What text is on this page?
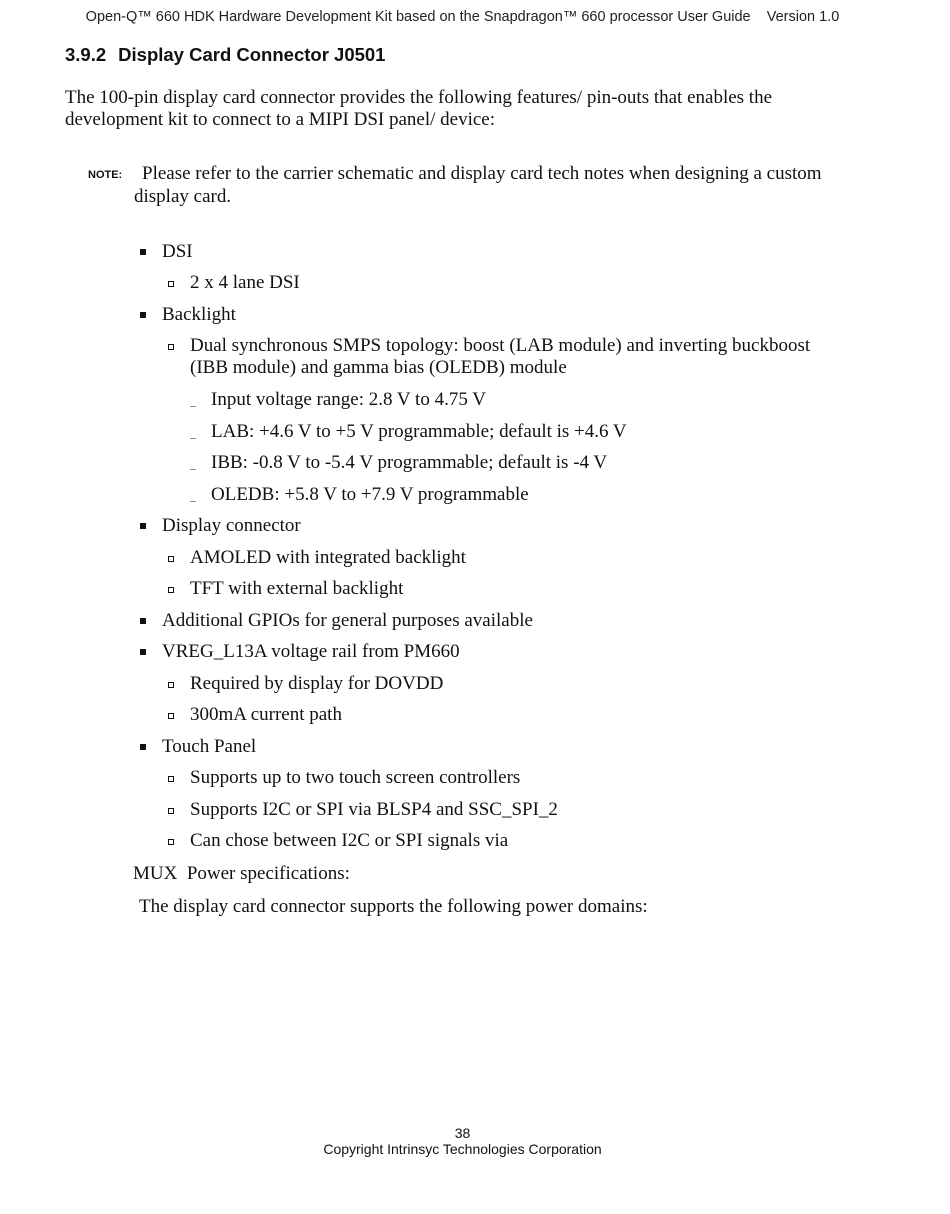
Open-Q™ 660 HDK Hardware Development Kit based on the Snapdragon™ 660 processor User Guide Version 1.0
3.9.2 Display Card Connector J0501
The 100-pin display card connector provides the following features/ pin-outs that enables the
development kit to connect to a MIPI DSI panel/ device:
NOTE: Please refer to the carrier schematic and display card tech notes when designing a custom
display card.
DSI
2 x 4 lane DSI
Backlight
Dual synchronous SMPS topology: boost (LAB module) and inverting buckboost
(IBB module) and gamma bias (OLEDB) module
– Input voltage range: 2.8 V to 4.75 V
– LAB: +4.6 V to +5 V programmable; default is +4.6 V
– IBB: -0.8 V to -5.4 V programmable; default is -4 V
– OLEDB: +5.8 V to +7.9 V programmable
Display connector
AMOLED with integrated backlight
TFT with external backlight
Additional GPIOs for general purposes available
VREG_L13A voltage rail from PM660
Required by display for DOVDD
300mA current path
Touch Panel
Supports up to two touch screen controllers
Supports I2C or SPI via BLSP4 and SSC_SPI_2
Can chose between I2C or SPI signals via
MUX  Power specifications:
The display card connector supports the following power domains:
38
Copyright Intrinsyc Technologies Corporation
